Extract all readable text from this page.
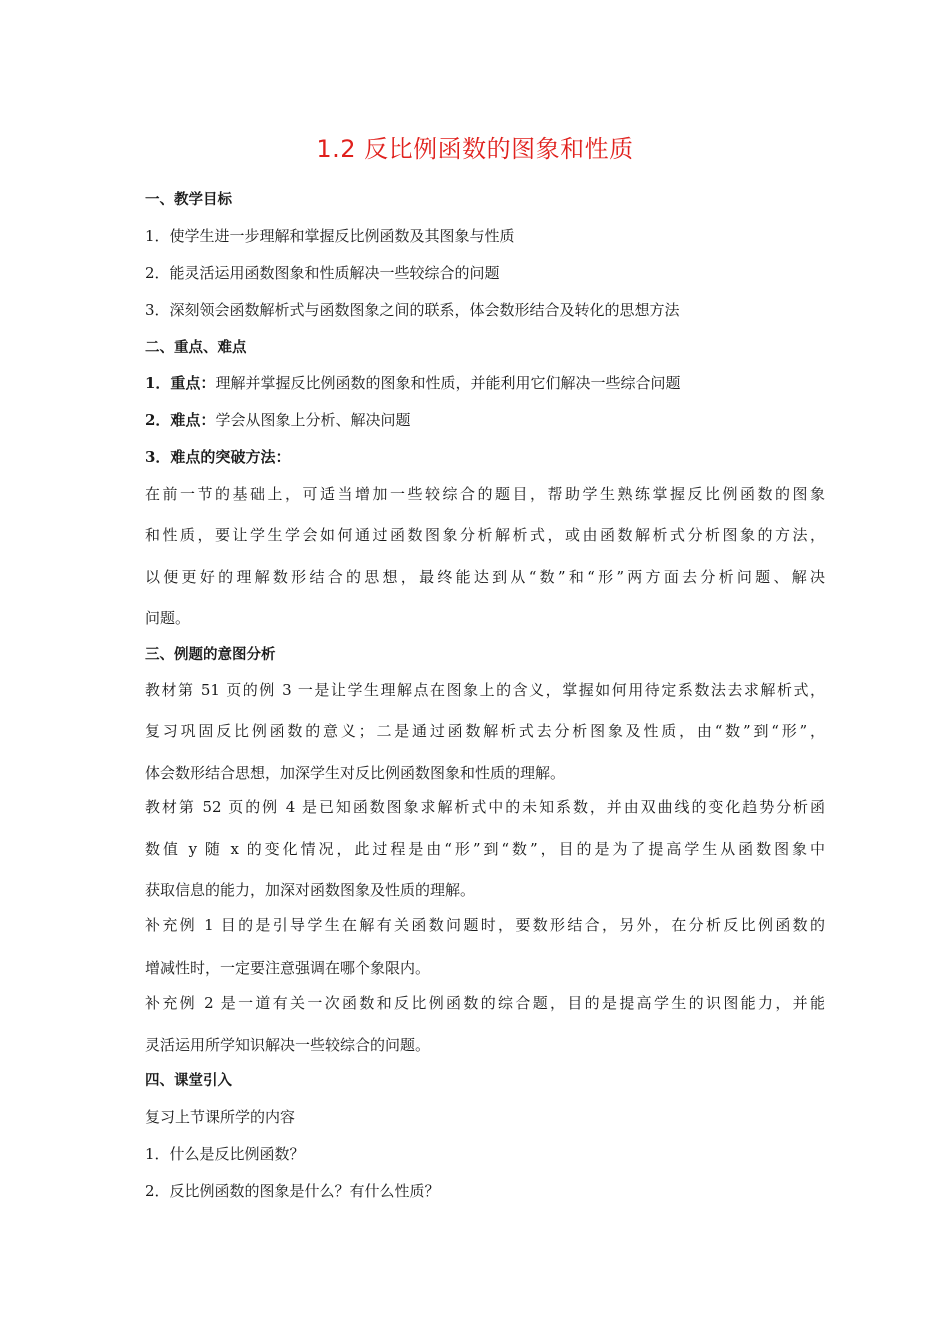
1.2 反比例函数的图象和性质
一、教学目标
1．使学生进一步理解和掌握反比例函数及其图象与性质
2．能灵活运用函数图象和性质解决一些较综合的问题
3．深刻领会函数解析式与函数图象之间的联系，体会数形结合及转化的思想方法
二、重点、难点
1．重点：理解并掌握反比例函数的图象和性质，并能利用它们解决一些综合问题
2．难点：学会从图象上分析、解决问题
3．难点的突破方法：
在前一节的基础上，可适当增加一些较综合的题目，帮助学生熟练掌握反比例函数的图象
和性质，要让学生学会如何通过函数图象分析解析式，或由函数解析式分析图象的方法，
以便更好的理解数形结合的思想，最终能达到从“数”和“形”两方面去分析问题、解决
问题。
三、例题的意图分析
教材第 51 页的例 3 一是让学生理解点在图象上的含义，掌握如何用待定系数法去求解析式，
复习巩固反比例函数的意义；二是通过函数解析式去分析图象及性质，由“数”到“形”，
体会数形结合思想，加深学生对反比例函数图象和性质的理解。
教材第 52 页的例 4 是已知函数图象求解析式中的未知系数，并由双曲线的变化趋势分析函
数值 y 随 x 的变化情况，此过程是由“形”到“数”，目的是为了提高学生从函数图象中
获取信息的能力，加深对函数图象及性质的理解。
补充例 1 目的是引导学生在解有关函数问题时，要数形结合，另外，在分析反比例函数的
增减性时，一定要注意强调在哪个象限内。
补充例 2 是一道有关一次函数和反比例函数的综合题，目的是提高学生的识图能力，并能
灵活运用所学知识解决一些较综合的问题。
四、课堂引入
复习上节课所学的内容
1．什么是反比例函数？
2．反比例函数的图象是什么？有什么性质？
